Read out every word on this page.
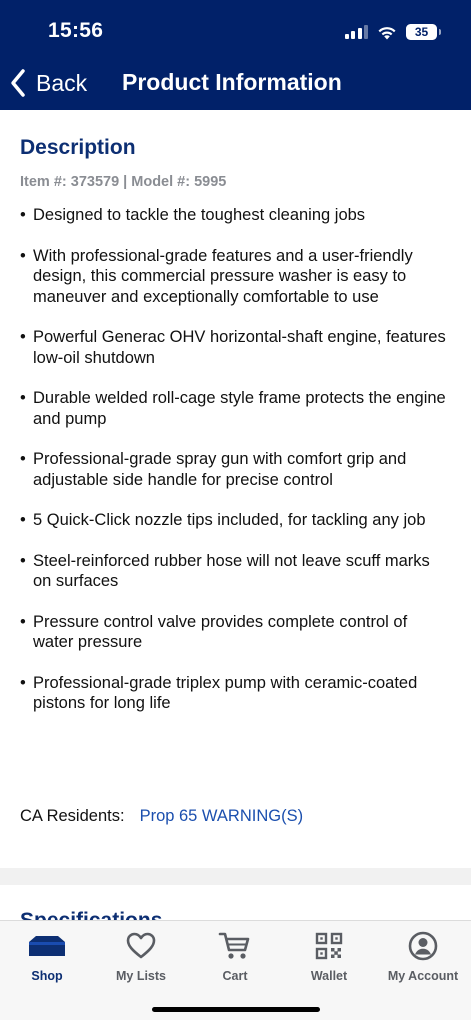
15:56	35
Back Product Information
Description
Item #: 373579 | Model #: 5995
• Designed to tackle the toughest cleaning jobs
• With professional-grade features and a user-friendly design, this commercial pressure washer is easy to maneuver and exceptionally comfortable to use
• Powerful Generac OHV horizontal-shaft engine, features low-oil shutdown
• Durable welded roll-cage style frame protects the engine and pump
• Professional-grade spray gun with comfort grip and adjustable side handle for precise control
• 5 Quick-Click nozzle tips included, for tackling any job
• Steel-reinforced rubber hose will not leave scuff marks on surfaces
• Pressure control valve provides complete control of water pressure
• Professional-grade triplex pump with ceramic-coated pistons for long life
CA Residents: Prop 65 WARNING(S)
Shop	My Lists	Cart	Wallet	My Account
